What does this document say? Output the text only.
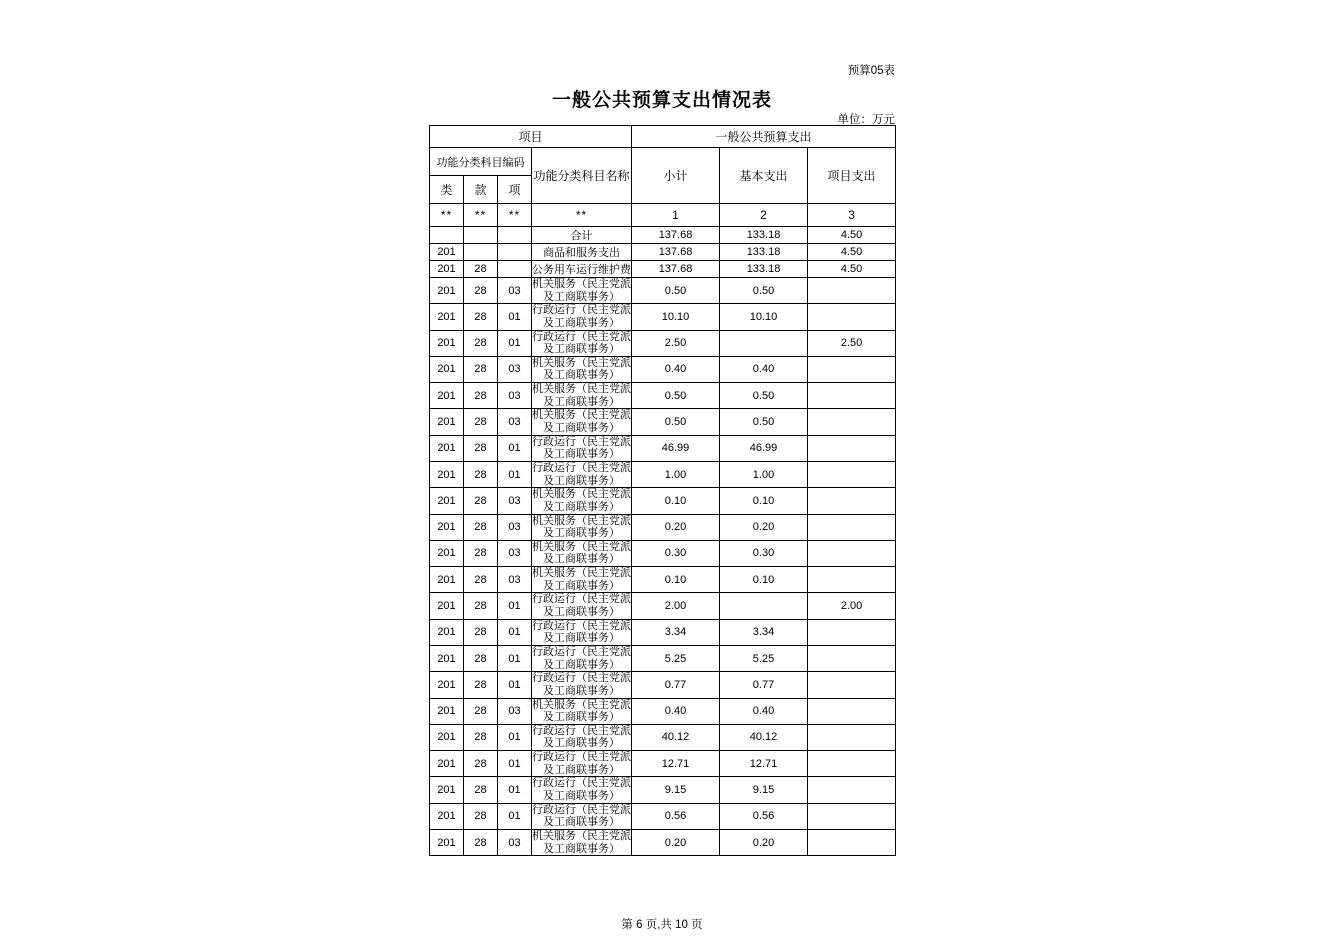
预算05表
一般公共预算支出情况表
单位：万元
项目				一般公共预算支出		
功能分类科目编码			功能分类科目名称	小计	基本支出	项目支出
类	款	项				
**	**	**	**	1	2	3
			合计	137.68	133.18	4.50
201			商品和服务支出	137.68	133.18	4.50
201	28		公务用车运行维护费	137.68	133.18	4.50
201	28	03	机关服务（民主党派
及工商联事务）	0.50	0.50	
201	28	01	行政运行（民主党派
及工商联事务）	10.10	10.10	
201	28	01	行政运行（民主党派
及工商联事务）	2.50		2.50
201	28	03	机关服务（民主党派
及工商联事务）	0.40	0.40	
201	28	03	机关服务（民主党派
及工商联事务）	0.50	0.50	
201	28	03	机关服务（民主党派
及工商联事务）	0.50	0.50	
201	28	01	行政运行（民主党派
及工商联事务）	46.99	46.99	
201	28	01	行政运行（民主党派
及工商联事务）	1.00	1.00	
201	28	03	机关服务（民主党派
及工商联事务）	0.10	0.10	
201	28	03	机关服务（民主党派
及工商联事务）	0.20	0.20	
201	28	03	机关服务（民主党派
及工商联事务）	0.30	0.30	
201	28	03	机关服务（民主党派
及工商联事务）	0.10	0.10	
201	28	01	行政运行（民主党派
及工商联事务）	2.00		2.00
201	28	01	行政运行（民主党派
及工商联事务）	3.34	3.34	
201	28	01	行政运行（民主党派
及工商联事务）	5.25	5.25	
201	28	01	行政运行（民主党派
及工商联事务）	0.77	0.77	
201	28	03	机关服务（民主党派
及工商联事务）	0.40	0.40	
201	28	01	行政运行（民主党派
及工商联事务）	40.12	40.12	
201	28	01	行政运行（民主党派
及工商联事务）	12.71	12.71	
201	28	01	行政运行（民主党派
及工商联事务）	9.15	9.15	
201	28	01	行政运行（民主党派
及工商联事务）	0.56	0.56	
201	28	03	机关服务（民主党派
及工商联事务）	0.20	0.20	
第 6 页,共 10 页
